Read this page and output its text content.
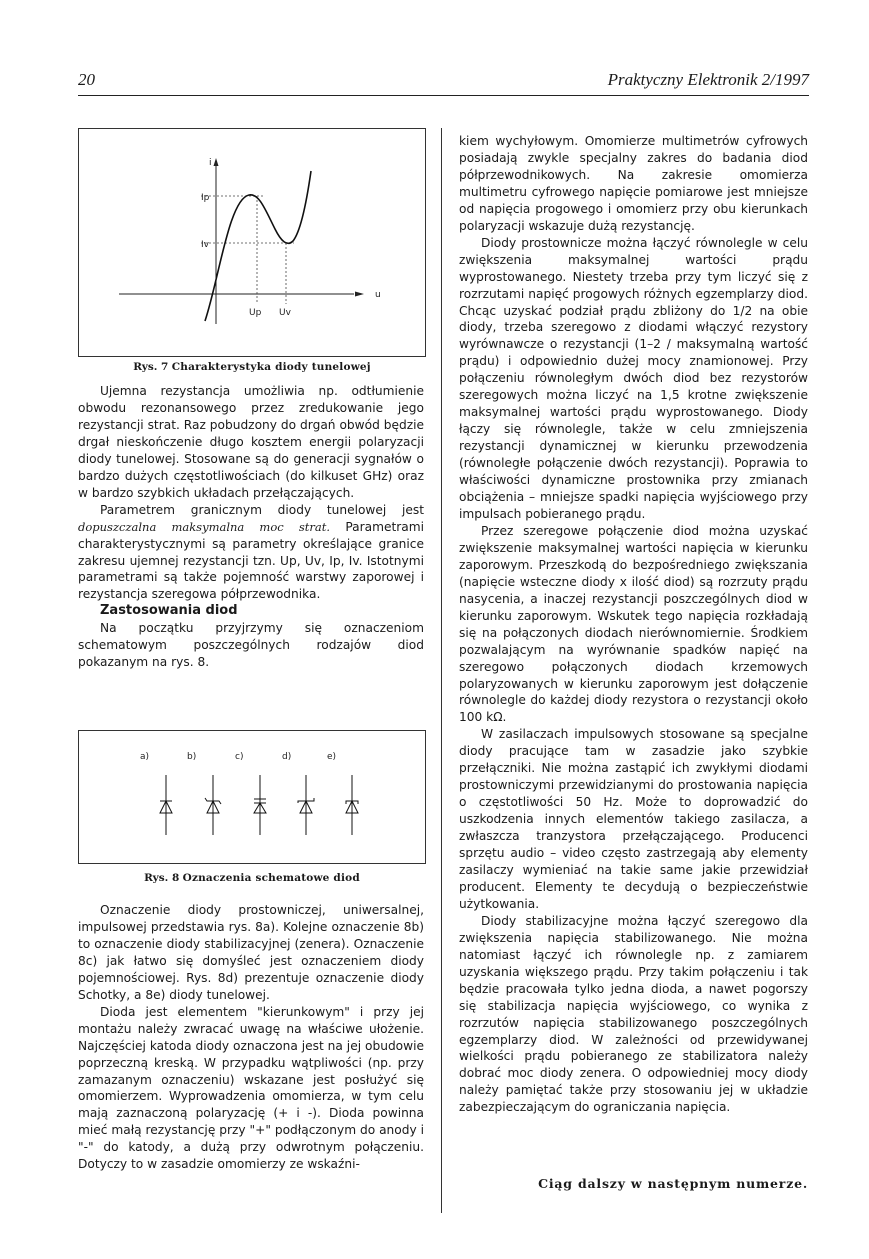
20	Praktyczny Elektronik 2/1997
i
u
Ip
Iv
Up Uv
Rys. 7 Charakterystyka diody tunelowej

Ujemna rezystancja umożliwia np. odtłumienie obwodu rezonansowego przez zredukowanie jego rezystancji strat. Raz pobudzony do drgań obwód będzie drgał nieskończenie długo kosztem energii polaryzacji diody tunelowej. Stosowane są do generacji sygnałów o bardzo dużych częstotliwościach (do kilkuset GHz) oraz w bardzo szybkich układach przełączających.

Parametrem granicznym diody tunelowej jest dopuszczalna maksymalna moc strat. Parametrami charakterystycznymi są parametry określające granice zakresu ujemnej rezystancji tzn. Up, Uv, Ip, Iv. Istotnymi parametrami są także pojemność warstwy zaporowej i rezystancja szeregowa półprzewodnika.

Zastosowania diod

Na początku przyjrzymy się oznaczeniom schematowym poszczególnych rodzajów diod pokazanym na rys. 8.

a)	b)	c)	d)	e)
Rys. 8 Oznaczenia schematowe diod

Oznaczenie diody prostowniczej, uniwersalnej, impulsowej przedstawia rys. 8a). Kolejne oznaczenie 8b) to oznaczenie diody stabilizacyjnej (zenera). Oznaczenie 8c) jak łatwo się domyśleć jest oznaczeniem diody pojemnościowej. Rys. 8d) prezentuje oznaczenie diody Schotky, a 8e) diody tunelowej.

Dioda jest elementem "kierunkowym" i przy jej montażu należy zwracać uwagę na właściwe ułożenie. Najczęściej katoda diody oznaczona jest na jej obudowie poprzeczną kreską. W przypadku wątpliwości (np. przy zamazanym oznaczeniu) wskazane jest posłużyć się omomierzem. Wyprowadzenia omomierza, w tym celu mają zaznaczoną polaryzację (+ i -). Dioda powinna mieć małą rezystancję przy "+" podłączonym do anody i "-" do katody, a dużą przy odwrotnym połączeniu. Dotyczy to w zasadzie omomierzy ze wskaźni-

kiem wychyłowym. Omomierze multimetrów cyfrowych posiadają zwykle specjalny zakres do badania diod półprzewodnikowych. Na zakresie omomierza multimetru cyfrowego napięcie pomiarowe jest mniejsze od napięcia progowego i omomierz przy obu kierunkach polaryzacji wskazuje dużą rezystancję.

Diody prostownicze można łączyć równolegle w celu zwiększenia maksymalnej wartości prądu wyprostowanego. Niestety trzeba przy tym liczyć się z rozrzutami napięć progowych różnych egzemplarzy diod. Chcąc uzyskać podział prądu zbliżony do 1/2 na obie diody, trzeba szeregowo z diodami włączyć rezystory wyrównawcze o rezystancji (1–2 / maksymalną wartość prądu) i odpowiednio dużej mocy znamionowej. Przy połączeniu równoległym dwóch diod bez rezystorów szeregowych można liczyć na 1,5 krotne zwiększenie maksymalnej wartości prądu wyprostowanego. Diody łączy się równolegle, także w celu zmniejszenia rezystancji dynamicznej w kierunku przewodzenia (równoległe połączenie dwóch rezystancji). Poprawia to właściwości dynamiczne prostownika przy zmianach obciążenia – mniejsze spadki napięcia wyjściowego przy impulsach pobieranego prądu.

Przez szeregowe połączenie diod można uzyskać zwiększenie maksymalnej wartości napięcia w kierunku zaporowym. Przeszkodą do bezpośredniego zwiększania (napięcie wsteczne diody x ilość diod) są rozrzuty prądu nasycenia, a inaczej rezystancji poszczególnych diod w kierunku zaporowym. Wskutek tego napięcia rozkładają się na połączonych diodach nierównomiernie. Środkiem pozwalającym na wyrównanie spadków napięć na szeregowo połączonych diodach krzemowych polaryzowanych w kierunku zaporowym jest dołączenie równolegle do każdej diody rezystora o rezystancji około 100 kΩ.

W zasilaczach impulsowych stosowane są specjalne diody pracujące tam w zasadzie jako szybkie przełączniki. Nie można zastąpić ich zwykłymi diodami prostowniczymi przewidzianymi do prostowania napięcia o częstotliwości 50 Hz. Może to doprowadzić do uszkodzenia innych elementów takiego zasilacza, a zwłaszcza tranzystora przełączającego. Producenci sprzętu audio – video często zastrzegają aby elementy zasilaczy wymieniać na takie same jakie przewidział producent. Elementy te decydują o bezpieczeństwie użytkowania.

Diody stabilizacyjne można łączyć szeregowo dla zwiększenia napięcia stabilizowanego. Nie można natomiast łączyć ich równolegle np. z zamiarem uzyskania większego prądu. Przy takim połączeniu i tak będzie pracowała tylko jedna dioda, a nawet pogorszy się stabilizacja napięcia wyjściowego, co wynika z rozrzutów napięcia stabilizowanego poszczególnych egzemplarzy diod. W zależności od przewidywanej wielkości prądu pobieranego ze stabilizatora należy dobrać moc diody zenera. O odpowiedniej mocy diody należy pamiętać także przy stosowaniu jej w układzie zabezpieczającym do ograniczania napięcia.

Ciąg dalszy w następnym numerze.
